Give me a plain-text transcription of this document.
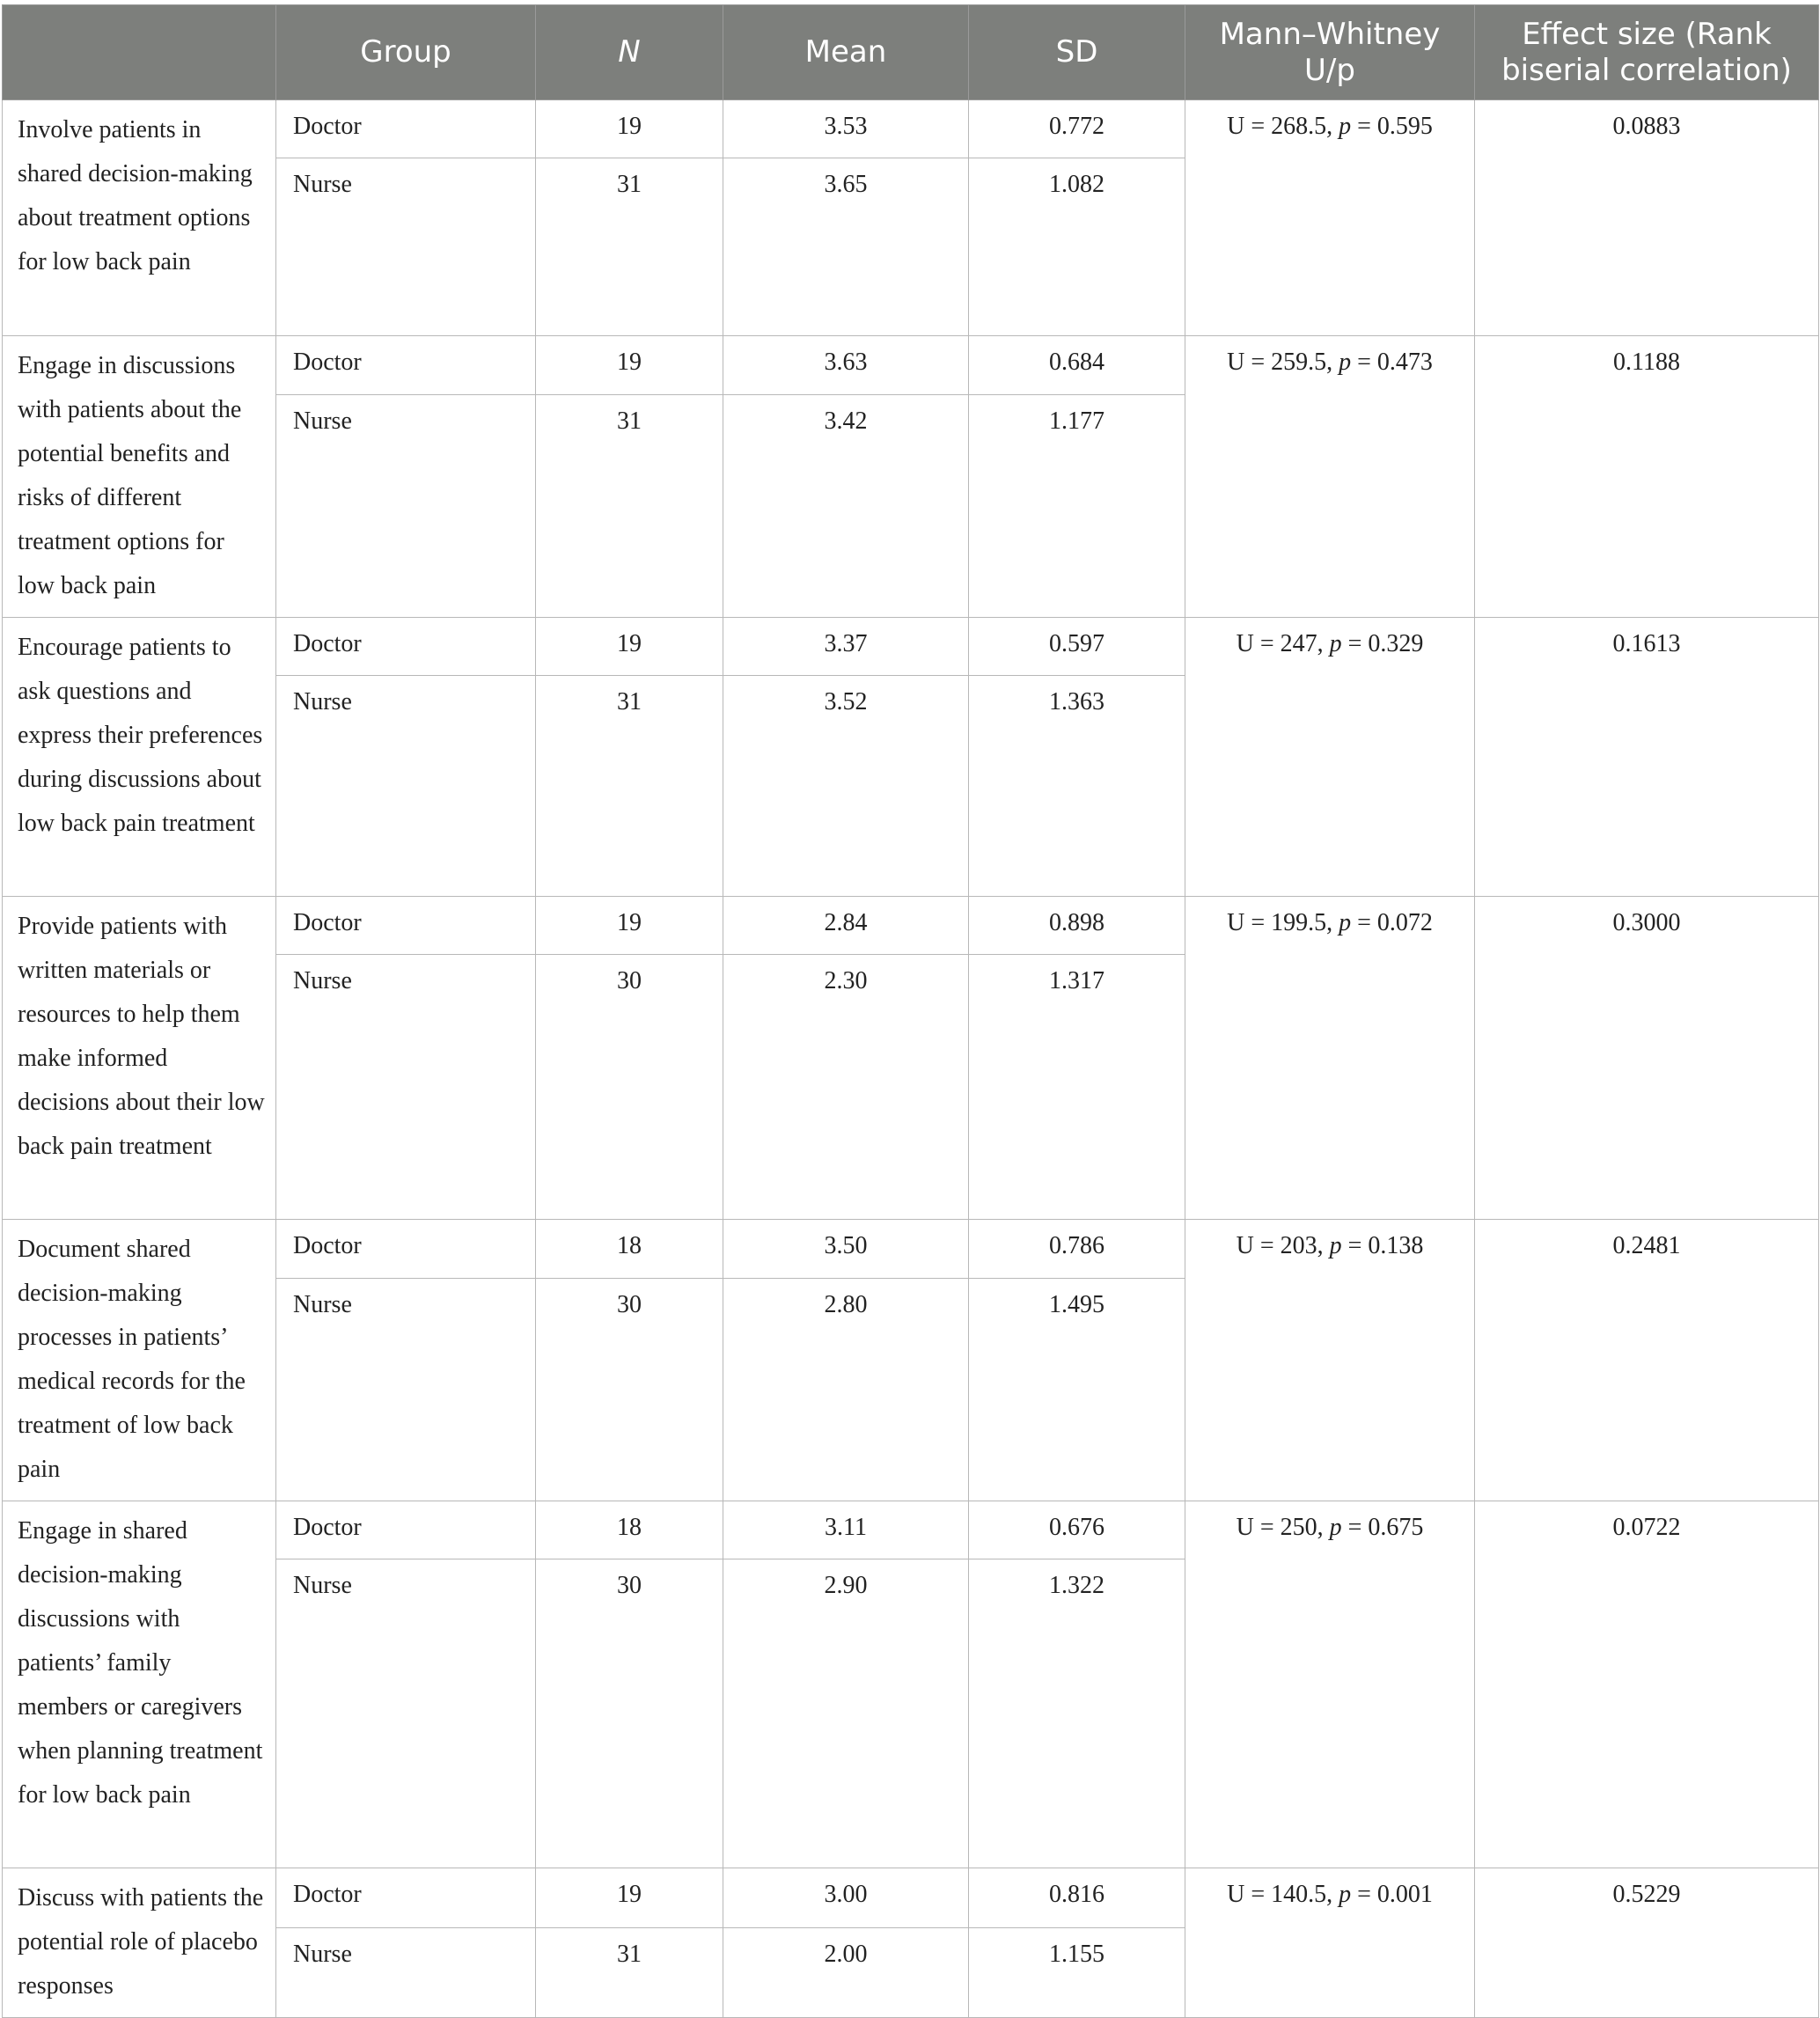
	Group	N	Mean	SD	Mann–Whitney U/p	Effect size (Rank biserial correlation)
Involve patients in shared decision-making about treatment options for low back pain	Doctor	19	3.53	0.772	U = 268.5, p = 0.595	0.0883
	Nurse	31	3.65	1.082		
Engage in discussions with patients about the potential benefits and risks of different treatment options for low back pain	Doctor	19	3.63	0.684	U = 259.5, p = 0.473	0.1188
	Nurse	31	3.42	1.177		
Encourage patients to ask questions and express their preferences during discussions about low back pain treatment	Doctor	19	3.37	0.597	U = 247, p = 0.329	0.1613
	Nurse	31	3.52	1.363		
Provide patients with written materials or resources to help them make informed decisions about their low back pain treatment	Doctor	19	2.84	0.898	U = 199.5, p = 0.072	0.3000
	Nurse	30	2.30	1.317		
Document shared decision-making processes in patients’ medical records for the treatment of low back pain	Doctor	18	3.50	0.786	U = 203, p = 0.138	0.2481
	Nurse	30	2.80	1.495		
Engage in shared decision-making discussions with patients’ family members or caregivers when planning treatment for low back pain	Doctor	18	3.11	0.676	U = 250, p = 0.675	0.0722
	Nurse	30	2.90	1.322		
Discuss with patients the potential role of placebo responses	Doctor	19	3.00	0.816	U = 140.5, p = 0.001	0.5229
	Nurse	31	2.00	1.155		
